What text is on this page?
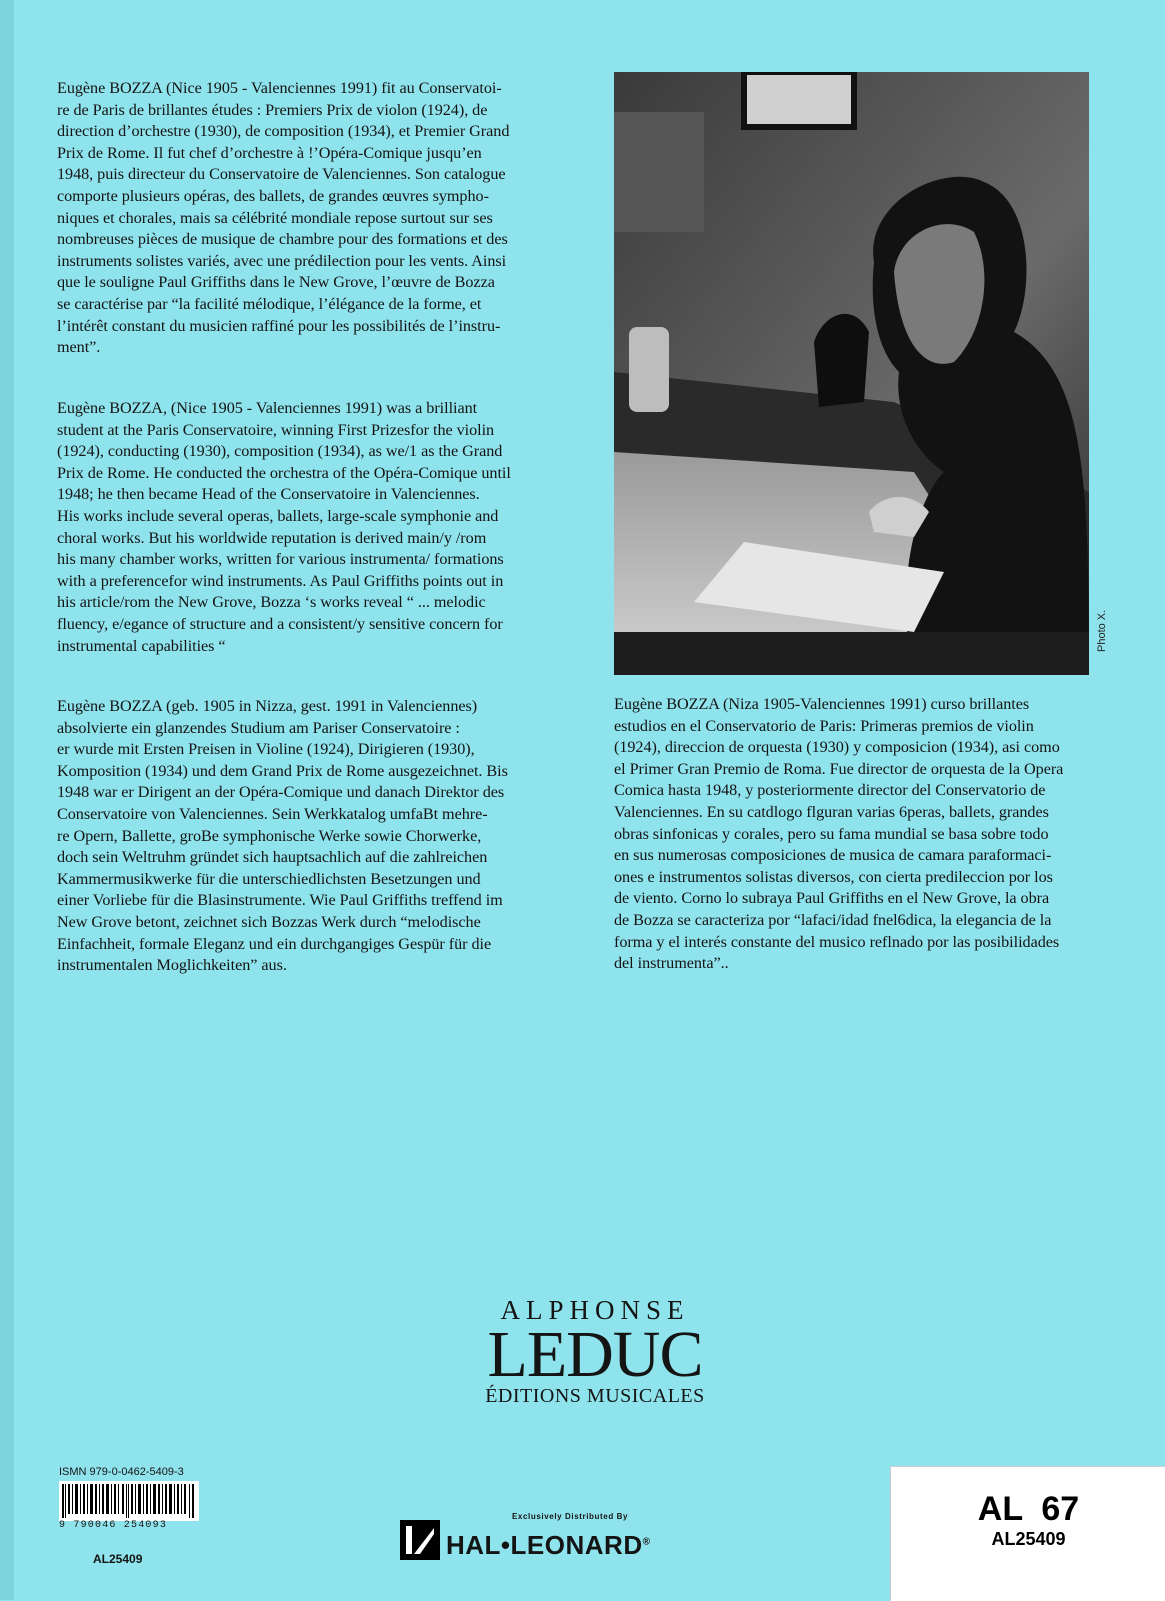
Eugène BOZZA (Nice 1905 - Valenciennes 1991) fit au Conservatoi-
re de Paris de brillantes études : Premiers Prix de violon (1924), de
direction d’orchestre (1930), de composition (1934), et Premier Grand
Prix de Rome. Il fut chef d’orchestre à !’Opéra-Comique jusqu’en
1948, puis directeur du Conservatoire de Valenciennes. Son catalogue
comporte plusieurs opéras, des ballets, de grandes œuvres sympho-
niques et chorales, mais sa célébrité mondiale repose surtout sur ses
nombreuses pièces de musique de chambre pour des formations et des
instruments solistes variés, avec une prédilection pour les vents. Ainsi
que le souligne Paul Griffiths dans le New Grove, l’œuvre de Bozza
se caractérise par “la facilité mélodique, l’élégance de la forme, et
l’intérêt constant du musicien raffiné pour les possibilités de l’instru-
ment”.

Eugène BOZZA, (Nice 1905 - Valenciennes 1991) was a brilliant
student at the Paris Conservatoire, winning First Prizesfor the violin
(1924), conducting (1930), composition (1934), as we/1 as the Grand
Prix de Rome. He conducted the orchestra of the Opéra-Comique until
1948; he then became Head of the Conservatoire in Valenciennes.
His works include several operas, ballets, large-scale symphonie and
choral works. But his worldwide reputation is derived main/y /rom
his many chamber works, written for various instrumenta/ formations
with a preferencefor wind instruments. As Paul Griffiths points out in
his article/rom the New Grove, Bozza ‘s works reveal “ ... melodic
fluency, e/egance of structure and a consistent/y sensitive concern for
instrumental capabilities “

Eugène BOZZA (geb. 1905 in Nizza, gest. 1991 in Valenciennes)
absolvierte ein glanzendes Studium am Pariser Conservatoire :
er wurde mit Ersten Preisen in Violine (1924), Dirigieren (1930),
Komposition (1934) und dem Grand Prix de Rome ausgezeichnet. Bis
1948 war er Dirigent an der Opéra-Comique und danach Direktor des
Conservatoire von Valenciennes. Sein Werkkatalog umfaBt mehre-
re Opern, Ballette, groBe symphonische Werke sowie Chorwerke,
doch sein Weltruhm gründet sich hauptsachlich auf die zahlreichen
Kammermusikwerke für die unterschiedlichsten Besetzungen und
einer Vorliebe für die Blasinstrumente. Wie Paul Griffiths treffend im
New Grove betont, zeichnet sich Bozzas Werk durch “melodische
Einfachheit, formale Eleganz und ein durchgangiges Gespür für die
instrumentalen Moglichkeiten” aus.

Eugène BOZZA (Niza 1905-Valenciennes 1991) curso brillantes
estudios en el Conservatorio de Paris: Primeras premios de violin
(1924), direccion de orquesta (1930) y composicion (1934), asi como
el Primer Gran Premio de Roma. Fue director de orquesta de la Opera
Comica hasta 1948, y posteriormente director del Conservatorio de
Valenciennes. En su catdlogo flguran varias 6peras, ballets, grandes
obras sinfonicas y corales, pero su fama mundial se basa sobre todo
en sus numerosas composiciones de musica de camara paraformaci-
ones e instrumentos solistas diversos, con cierta predileccion por los
de viento. Corno lo subraya Paul Griffiths en el New Grove, la obra
de Bozza se caracteriza por “lafaci/idad fnel6dica, la elegancia de la
forma y el interés constante del musico reflnado por las posibilidades
del instrumenta”..

Photo X.
ALPHONSE
LEDUC
ÉDITIONS MUSICALES
ISMN 979-0-0462-5409-3
9 790046 254093
AL25409
Exclusively Distributed By
HAL•LEONARD®
AL  67
AL25409
